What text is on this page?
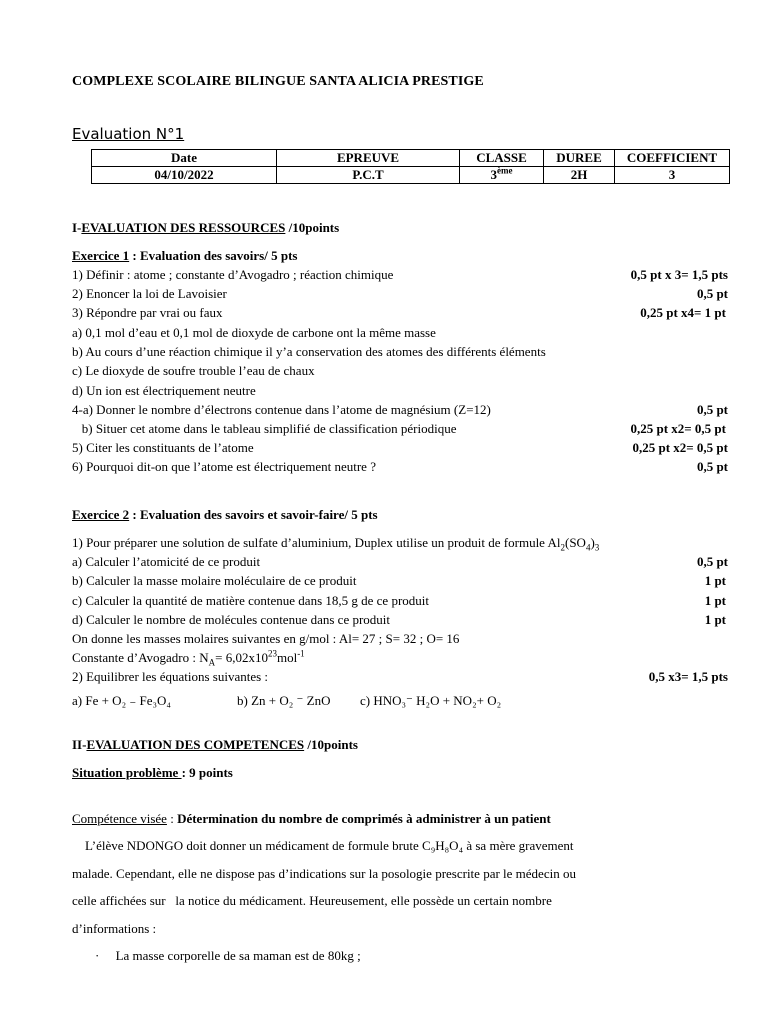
COMPLEXE SCOLAIRE BILINGUE SANTA ALICIA PRESTIGE
Evaluation N°1
Date	EPREUVE	CLASSE	DUREE	COEFFICIENT
04/10/2022	P.C.T	3ème	2H	3
I-EVALUATION DES RESSOURCES /10points
Exercice 1 : Evaluation des savoirs/ 5 pts
1) Définir : atome ; constante d’Avogadro ; réaction chimique	0,5 pt x 3= 1,5 pts
2) Enoncer la loi de Lavoisier	0,5 pt
3) Répondre par vrai ou faux	0,25 pt x4= 1 pt
a) 0,1 mol d’eau et 0,1 mol de dioxyde de carbone ont la même masse
b) Au cours d’une réaction chimique il y’a conservation des atomes des différents éléments
c) Le dioxyde de soufre trouble l’eau de chaux
d) Un ion est électriquement neutre
4-a) Donner le nombre d’électrons contenue dans l’atome de magnésium (Z=12)	0,5 pt
b) Situer cet atome dans le tableau simplifié de classification périodique	0,25 pt x2= 0,5 pt
5) Citer les constituants de l’atome	0,25 pt x2= 0,5 pt
6) Pourquoi dit-on que l’atome est électriquement neutre ?	0,5 pt
Exercice 2 : Evaluation des savoirs et savoir-faire/ 5 pts
1) Pour préparer une solution de sulfate d’aluminium, Duplex utilise un produit de formule $Al_2(SO_4)_3$
a) Calculer l’atomicité de ce produit	0,5 pt
b) Calculer la masse molaire moléculaire de ce produit	1 pt
c) Calculer la quantité de matière contenue dans 18,5 g de ce produit	1 pt
d) Calculer le nombre de molécules contenue dans ce produit	1 pt
On donne les masses molaires suivantes en g/mol : Al= 27 ; S= 32 ; O= 16
Constante d’Avogadro : $N_A= 6,02x10^{23}mol^{-1}$
2) Equilibrer les équations suivantes :	0,5 x3= 1,5 pts
a) Fe + O₂ ₋ Fe₃O₄	b) Zn + O₂ ⁻ ZnO c) HNO₃⁻ H₂O + NO₂+ O₂
II-EVALUATION DES COMPETENCES /10points
Situation problème : 9 points
Compétence visée : Détermination du nombre de comprimés à administrer à un patient
L’élève NDONGO doit donner un médicament de formule brute C₉H₈O₄ à sa mère gravement
malade. Cependant, elle ne dispose pas d’indications sur la posologie prescrite par le médecin ou
celle affichées sur   la notice du médicament. Heureusement, elle possède un certain nombre
d’informations :
·     La masse corporelle de sa maman est de 80kg ;
